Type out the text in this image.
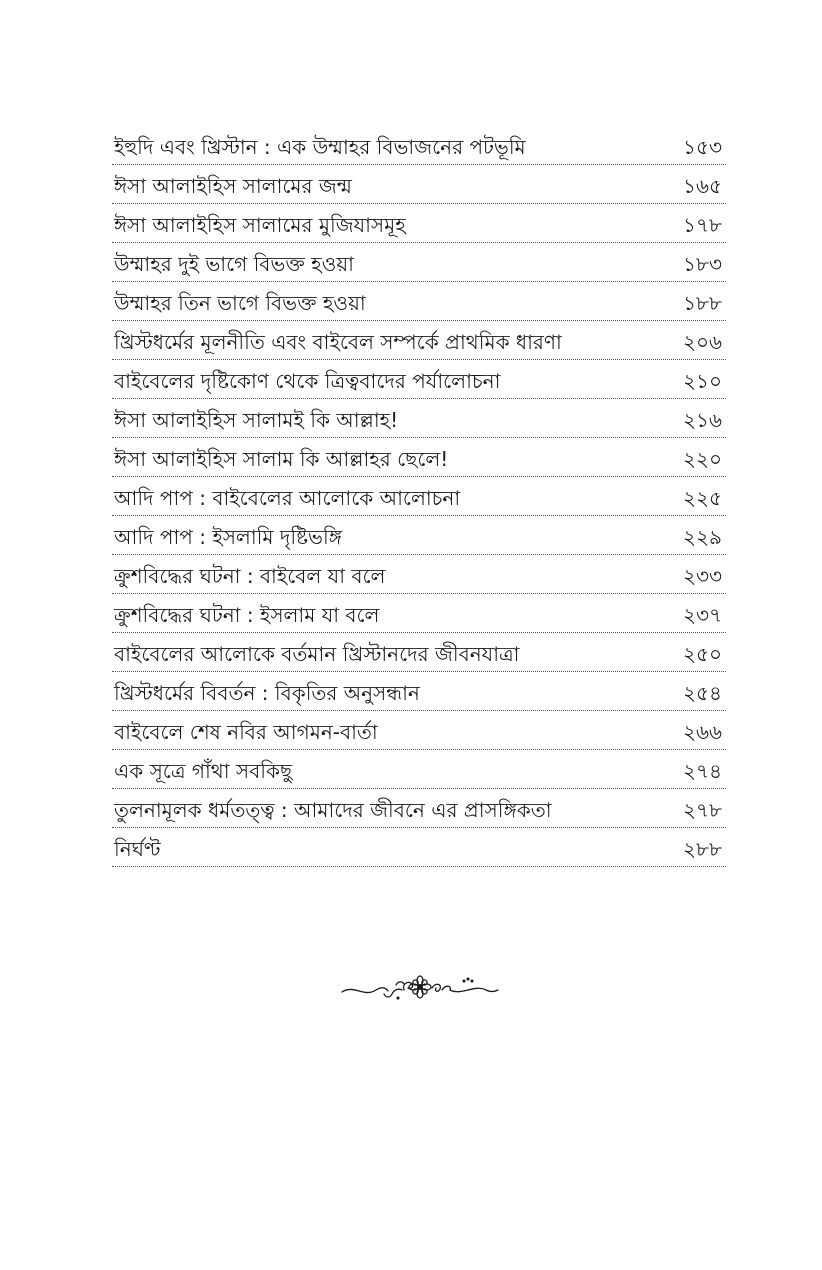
ইহুদি এবং খ্রিস্টান : এক উম্মাহর বিভাজনের পটভূমি	১৫৩
ঈসা আলাইহিস সালামের জন্ম	১৬৫
ঈসা আলাইহিস সালামের মুজিযাসমূহ	১৭৮
উম্মাহর দুই ভাগে বিভক্ত হওয়া	১৮৩
উম্মাহর তিন ভাগে বিভক্ত হওয়া	১৮৮
খ্রিস্টধর্মের মূলনীতি এবং বাইবেল সম্পর্কে প্রাথমিক ধারণা	২০৬
বাইবেলের দৃষ্টিকোণ থেকে ত্রিত্ববাদের পর্যালোচনা	২১০
ঈসা আলাইহিস সালামই কি আল্লাহ!	২১৬
ঈসা আলাইহিস সালাম কি আল্লাহর ছেলে!	২২০
আদি পাপ : বাইবেলের আলোকে আলোচনা	২২৫
আদি পাপ : ইসলামি দৃষ্টিভঙ্গি	২২৯
ক্রুশবিদ্ধের ঘটনা : বাইবেল যা বলে	২৩৩
ক্রুশবিদ্ধের ঘটনা : ইসলাম যা বলে	২৩৭
বাইবেলের আলোকে বর্তমান খ্রিস্টানদের জীবনযাত্রা	২৫০
খ্রিস্টধর্মের বিবর্তন : বিকৃতির অনুসন্ধান	২৫৪
বাইবেলে শেষ নবির আগমন-বার্তা	২৬৬
এক সূত্রে গাঁথা সবকিছু	২৭৪
তুলনামূলক ধর্মতত্ত্ব : আমাদের জীবনে এর প্রাসঙ্গিকতা	২৭৮
নির্ঘণ্ট	২৮৮
